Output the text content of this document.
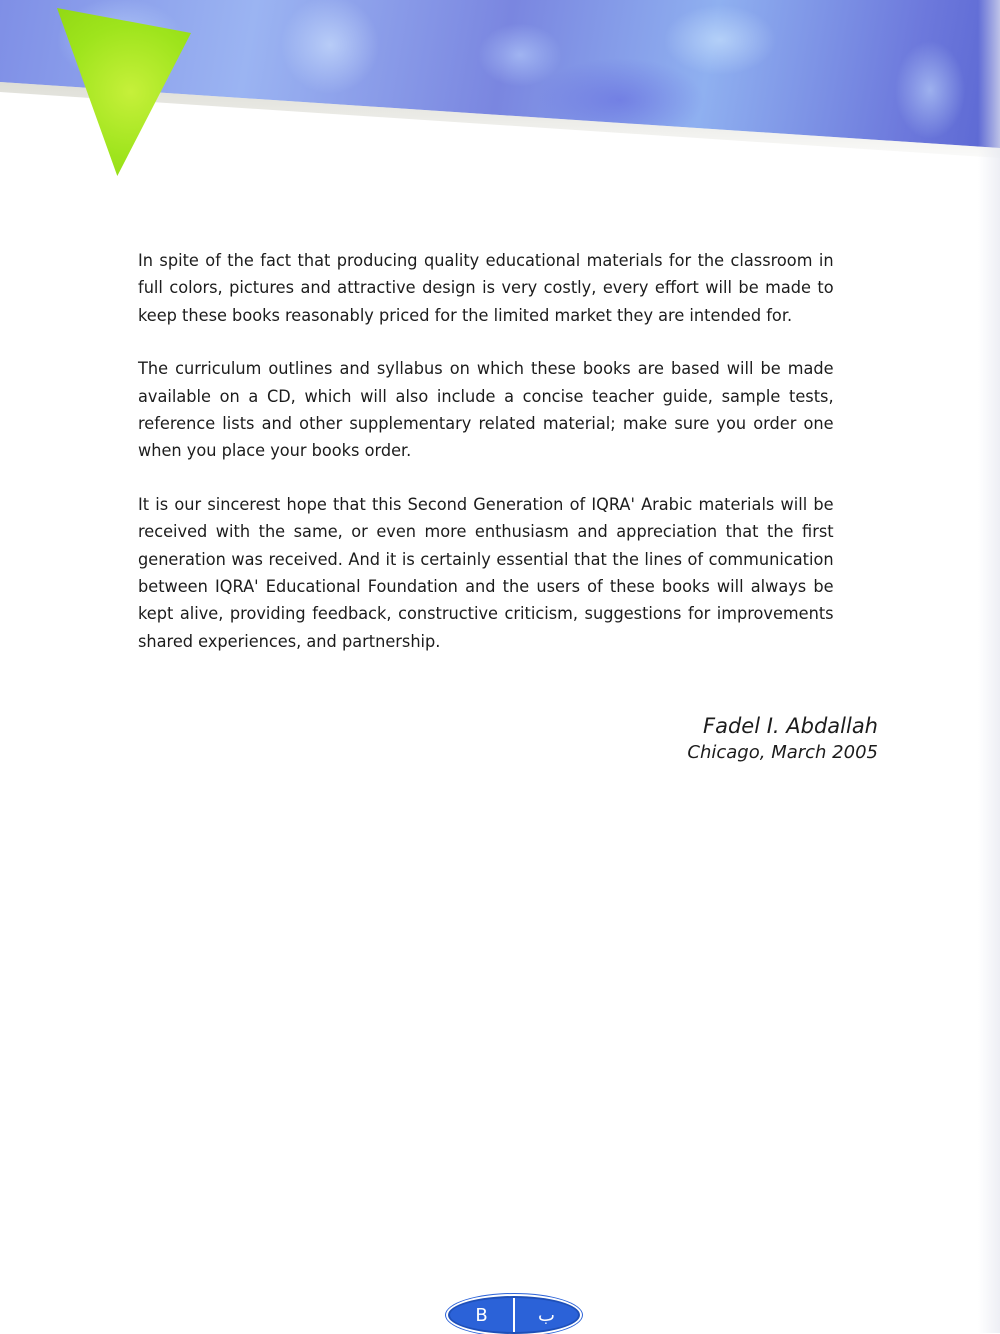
In spite of the fact that producing quality educational materials for the classroom in full colors, pictures and attractive design is very costly, every effort will be made to keep these books reasonably priced for the limited market they are intended for.

The curriculum outlines and syllabus on which these books are based will be made available on a CD, which will also include a concise teacher guide, sample tests, reference lists and other supplementary related material; make sure you order one when you place your books order.

It is our sincerest hope that this Second Generation of IQRA' Arabic materials will be received with the same, or even more enthusiasm and appreciation that the first generation was received. And it is certainly essential that the lines of communication between IQRA' Educational Foundation and the users of these books will always be kept alive, providing feedback, constructive criticism, suggestions for improvements shared experiences, and partnership.

Fadel I. Abdallah
Chicago, March 2005
B	ب
